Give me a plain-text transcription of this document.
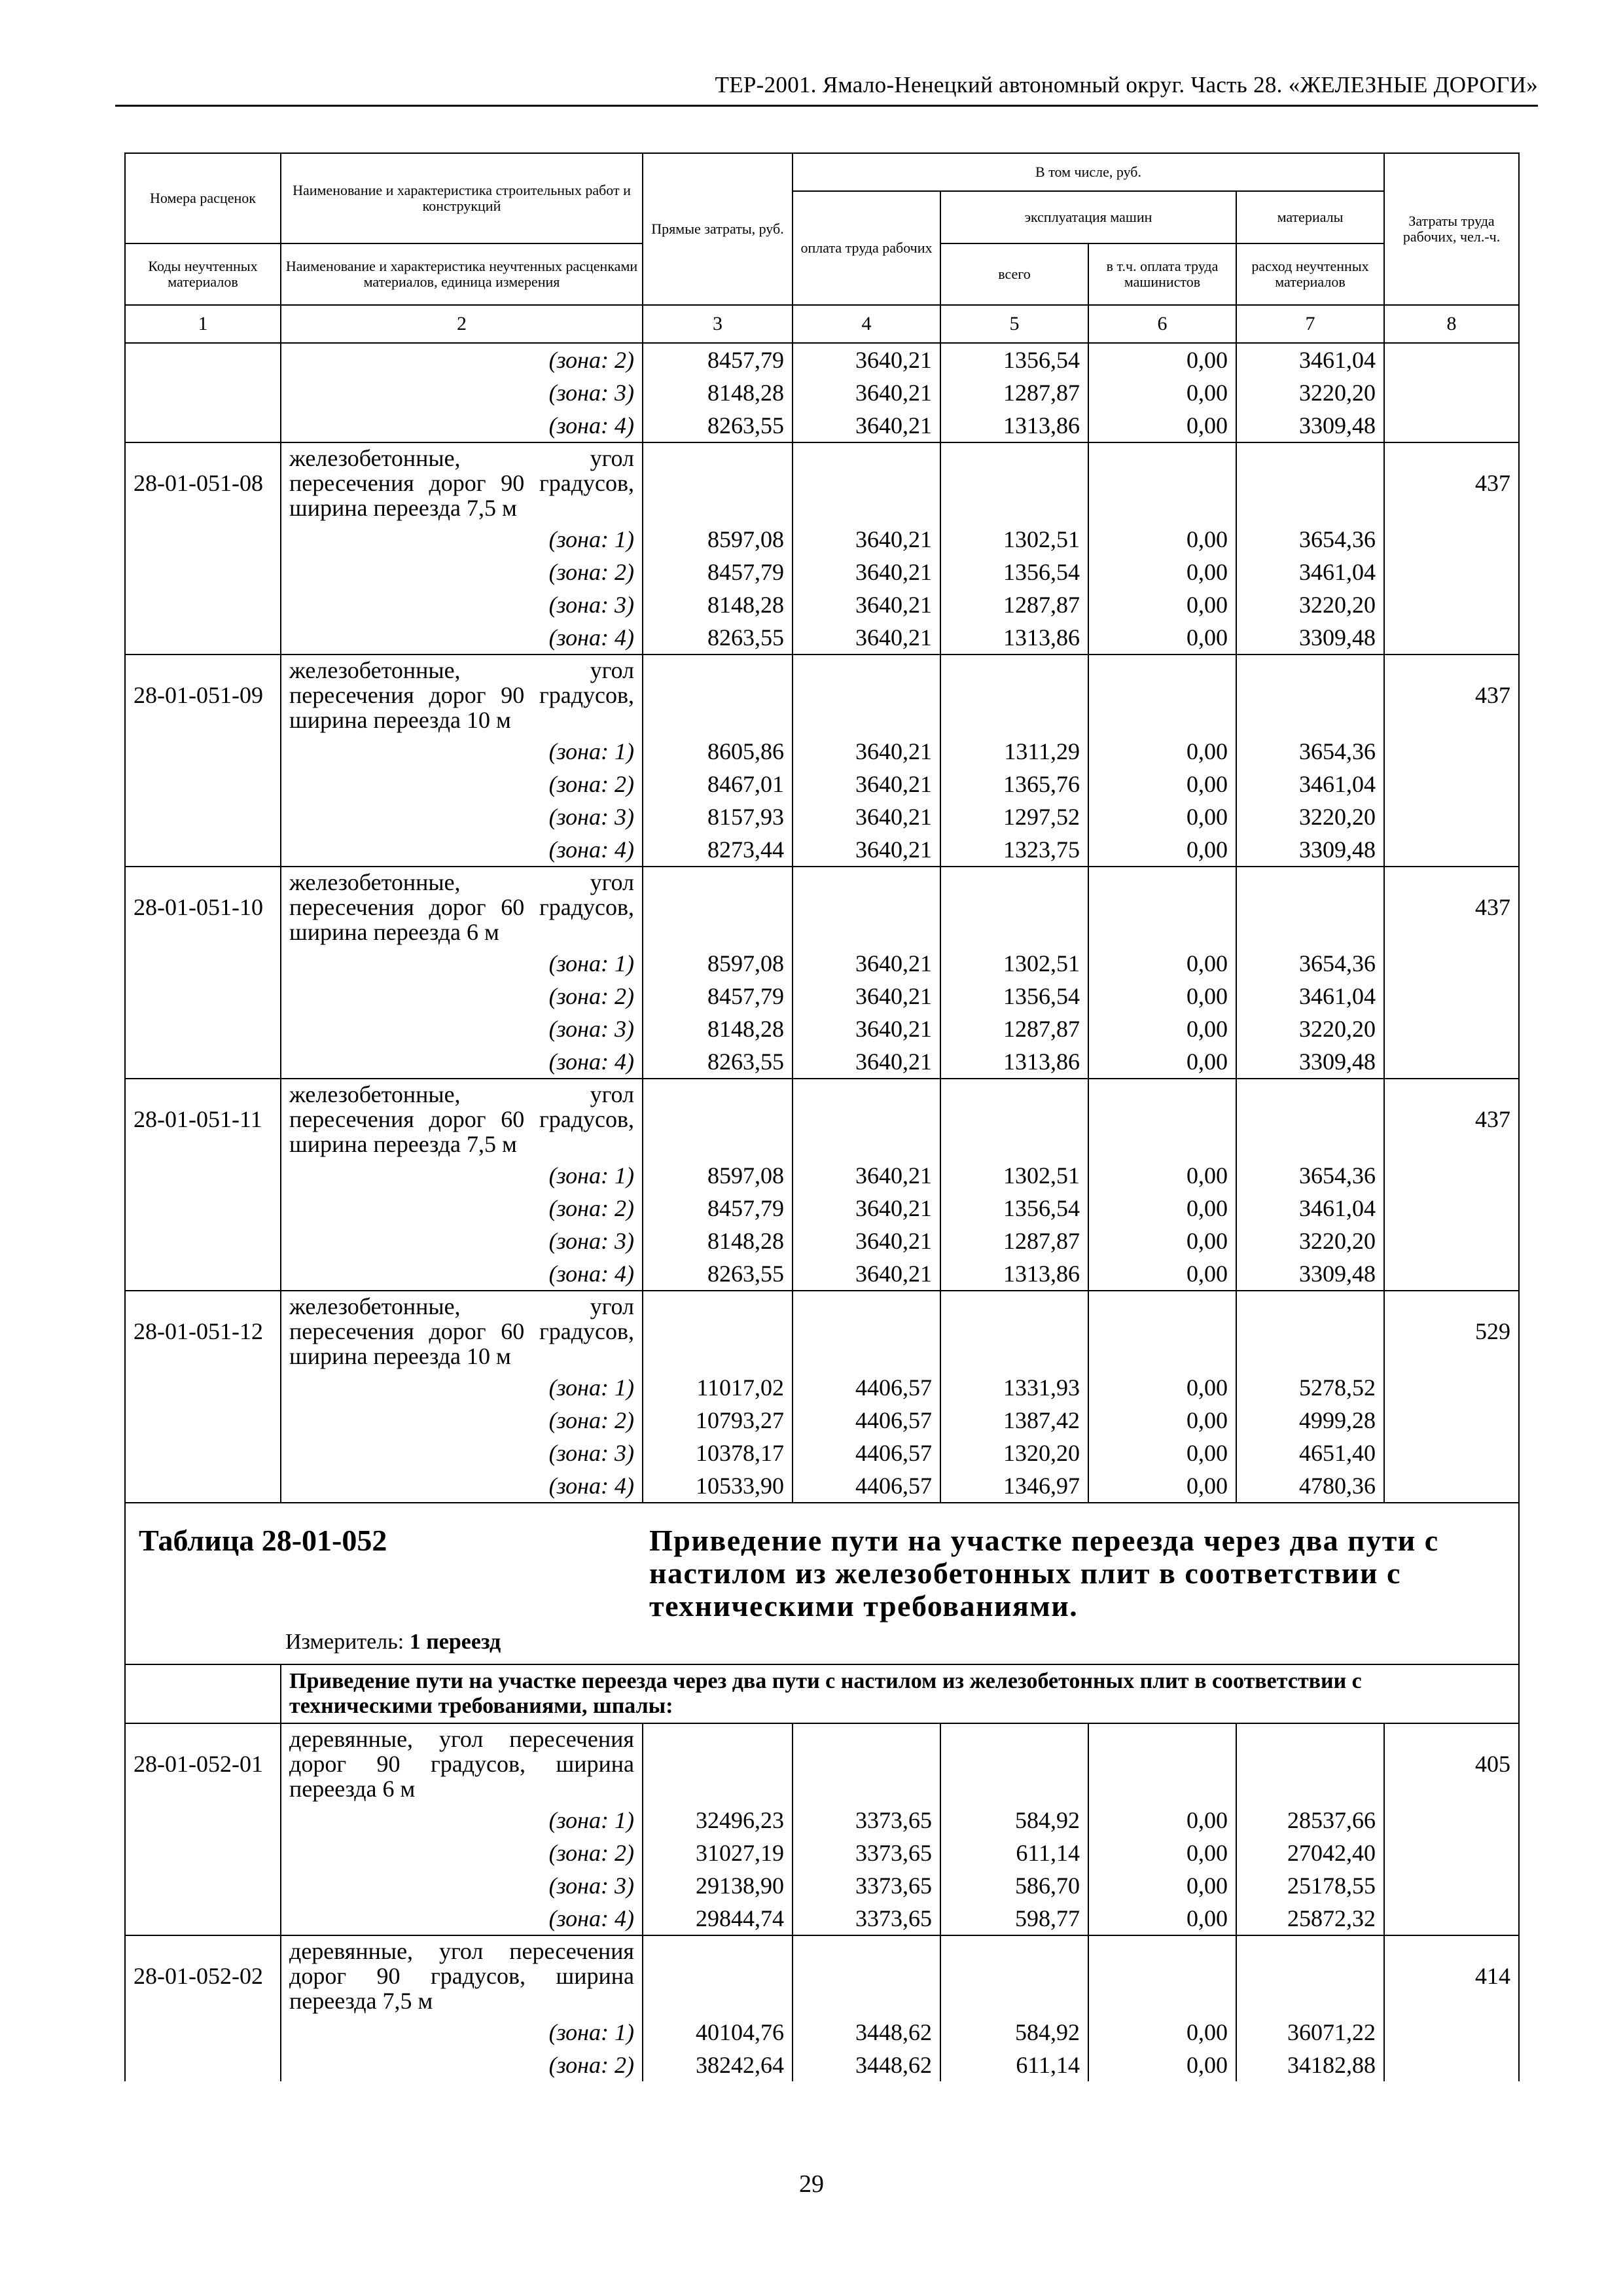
ТЕР-2001. Ямало-Ненецкий автономный округ. Часть 28. «ЖЕЛЕЗНЫЕ ДОРОГИ»
Номера расценок	Наименование и характеристика строительных работ и конструкций	Прямые затраты, руб.	В том числе, руб.				Затраты труда рабочих, чел.-ч.
			оплата труда рабочих	эксплуатация машин		материалы	
Коды неучтенных материалов	Наименование и характеристика неучтенных расценками материалов, единица измерения			всего	в т.ч. оплата труда машинистов	расход неучтенных материалов	
1	2	3	4	5	6	7	8
	(зона: 2)	8457,79	3640,21	1356,54	0,00	3461,04	
	(зона: 3)	8148,28	3640,21	1287,87	0,00	3220,20	
	(зона: 4)	8263,55	3640,21	1313,86	0,00	3309,48	
28-01-051-08	железобетонные, угол пересечения дорог 90 градусов, ширина переезда 7,5 м						437
	(зона: 1)	8597,08	3640,21	1302,51	0,00	3654,36	
	(зона: 2)	8457,79	3640,21	1356,54	0,00	3461,04	
	(зона: 3)	8148,28	3640,21	1287,87	0,00	3220,20	
	(зона: 4)	8263,55	3640,21	1313,86	0,00	3309,48	
28-01-051-09	железобетонные, угол пересечения дорог 90 градусов, ширина переезда 10 м						437
	(зона: 1)	8605,86	3640,21	1311,29	0,00	3654,36	
	(зона: 2)	8467,01	3640,21	1365,76	0,00	3461,04	
	(зона: 3)	8157,93	3640,21	1297,52	0,00	3220,20	
	(зона: 4)	8273,44	3640,21	1323,75	0,00	3309,48	
28-01-051-10	железобетонные, угол пересечения дорог 60 градусов, ширина переезда 6 м						437
	(зона: 1)	8597,08	3640,21	1302,51	0,00	3654,36	
	(зона: 2)	8457,79	3640,21	1356,54	0,00	3461,04	
	(зона: 3)	8148,28	3640,21	1287,87	0,00	3220,20	
	(зона: 4)	8263,55	3640,21	1313,86	0,00	3309,48	
28-01-051-11	железобетонные, угол пересечения дорог 60 градусов, ширина переезда 7,5 м						437
	(зона: 1)	8597,08	3640,21	1302,51	0,00	3654,36	
	(зона: 2)	8457,79	3640,21	1356,54	0,00	3461,04	
	(зона: 3)	8148,28	3640,21	1287,87	0,00	3220,20	
	(зона: 4)	8263,55	3640,21	1313,86	0,00	3309,48	
28-01-051-12	железобетонные, угол пересечения дорог 60 градусов, ширина переезда 10 м						529
	(зона: 1)	11017,02	4406,57	1331,93	0,00	5278,52	
	(зона: 2)	10793,27	4406,57	1387,42	0,00	4999,28	
	(зона: 3)	10378,17	4406,57	1320,20	0,00	4651,40	
	(зона: 4)	10533,90	4406,57	1346,97	0,00	4780,36	

Таблица 28-01-052 Приведение пути на участке переезда через два пути с настилом из железобетонных плит в соответствии с техническими требованиями.
Измеритель: 1 переезд							

	Приведение пути на участке переезда через два пути с настилом из железобетонных плит в соответствии с техническими требованиями, шпалы:						
28-01-052-01	деревянные, угол пересечения дорог 90 градусов, ширина переезда 6 м						405
	(зона: 1)	32496,23	3373,65	584,92	0,00	28537,66	
	(зона: 2)	31027,19	3373,65	611,14	0,00	27042,40	
	(зона: 3)	29138,90	3373,65	586,70	0,00	25178,55	
	(зона: 4)	29844,74	3373,65	598,77	0,00	25872,32	
28-01-052-02	деревянные, угол пересечения дорог 90 градусов, ширина переезда 7,5 м						414
	(зона: 1)	40104,76	3448,62	584,92	0,00	36071,22	
	(зона: 2)	38242,64	3448,62	611,14	0,00	34182,88	
29
